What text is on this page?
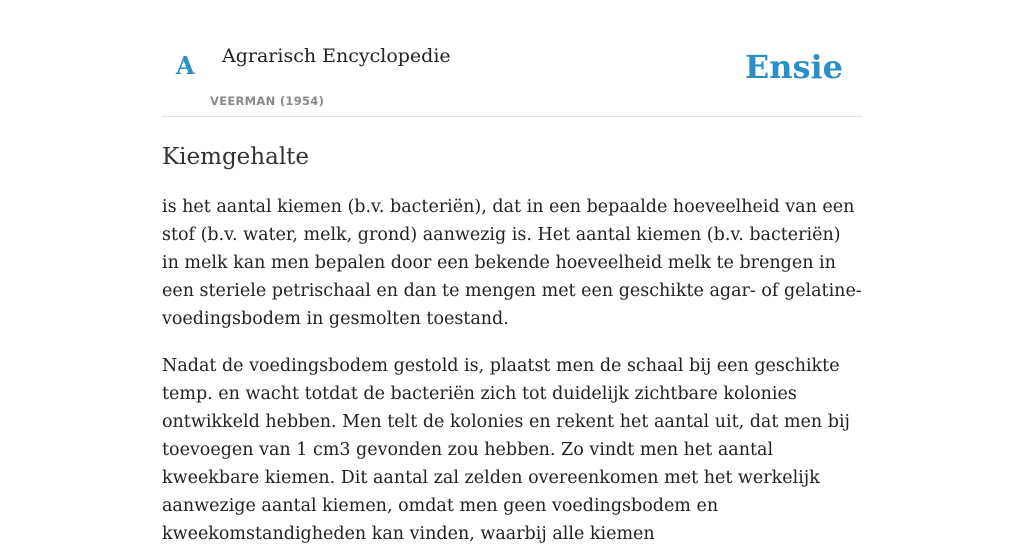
A Agrarisch Encyclopedie
VEERMAN (1954)
Ensie
Kiemgehalte

is het aantal kiemen (b.v. bacteriën), dat in een bepaalde hoeveelheid van een stof (b.v. water, melk, grond) aanwezig is. Het aantal kiemen (b.v. bacteriën) in melk kan men bepalen door een bekende hoeveelheid melk te brengen in een steriele petrischaal en dan te mengen met een geschikte agar- of gelatine-voedingsbodem in gesmolten toestand.

Nadat de voedingsbodem gestold is, plaatst men de schaal bij een geschikte temp. en wacht totdat de bacteriën zich tot duidelijk zichtbare kolonies ontwikkeld hebben. Men telt de kolonies en rekent het aantal uit, dat men bij toevoegen van 1 cm3 gevonden zou hebben. Zo vindt men het aantal kweekbare kiemen. Dit aantal zal zelden overeenkomen met het werkelijk aanwezige aantal kiemen, omdat men geen voedingsbodem en kweekomstandigheden kan vinden, waarbij alle kiemen
